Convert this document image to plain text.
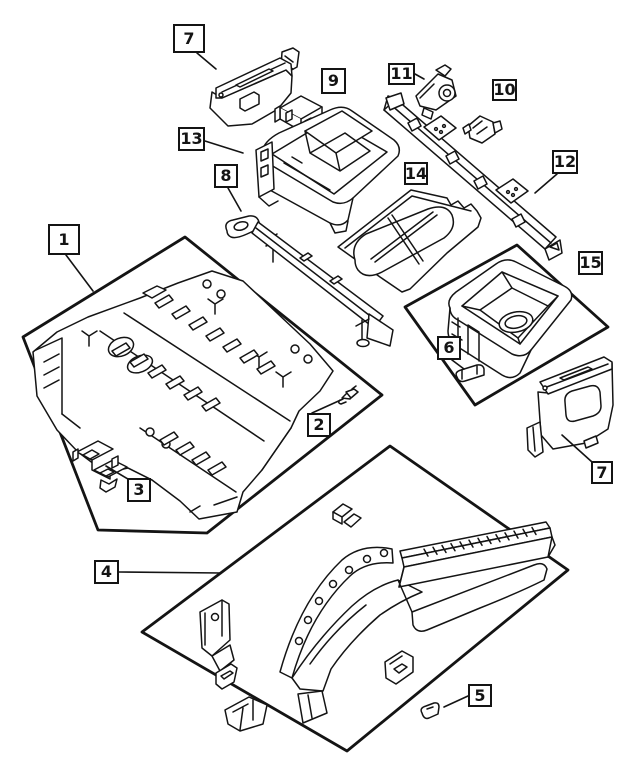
1
2
3
4
5
6
7
7
8
9	10
11
12
13
14
15
